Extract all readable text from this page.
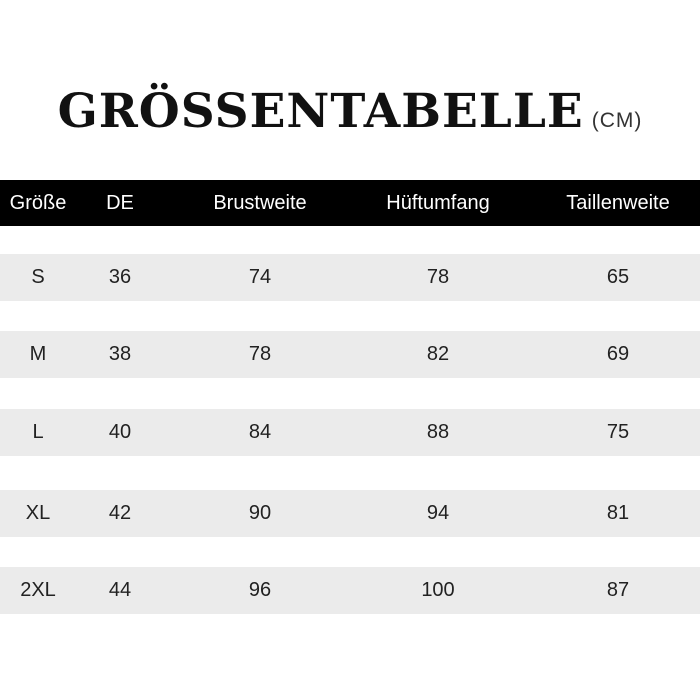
GRÖSSENTABELLE (CM)
Größe	DE	Brustweite	Hüftumfang	Taillenweite
S	36	74	78	65
M	38	78	82	69
L	40	84	88	75
XL	42	90	94	81
2XL	44	96	100	87
